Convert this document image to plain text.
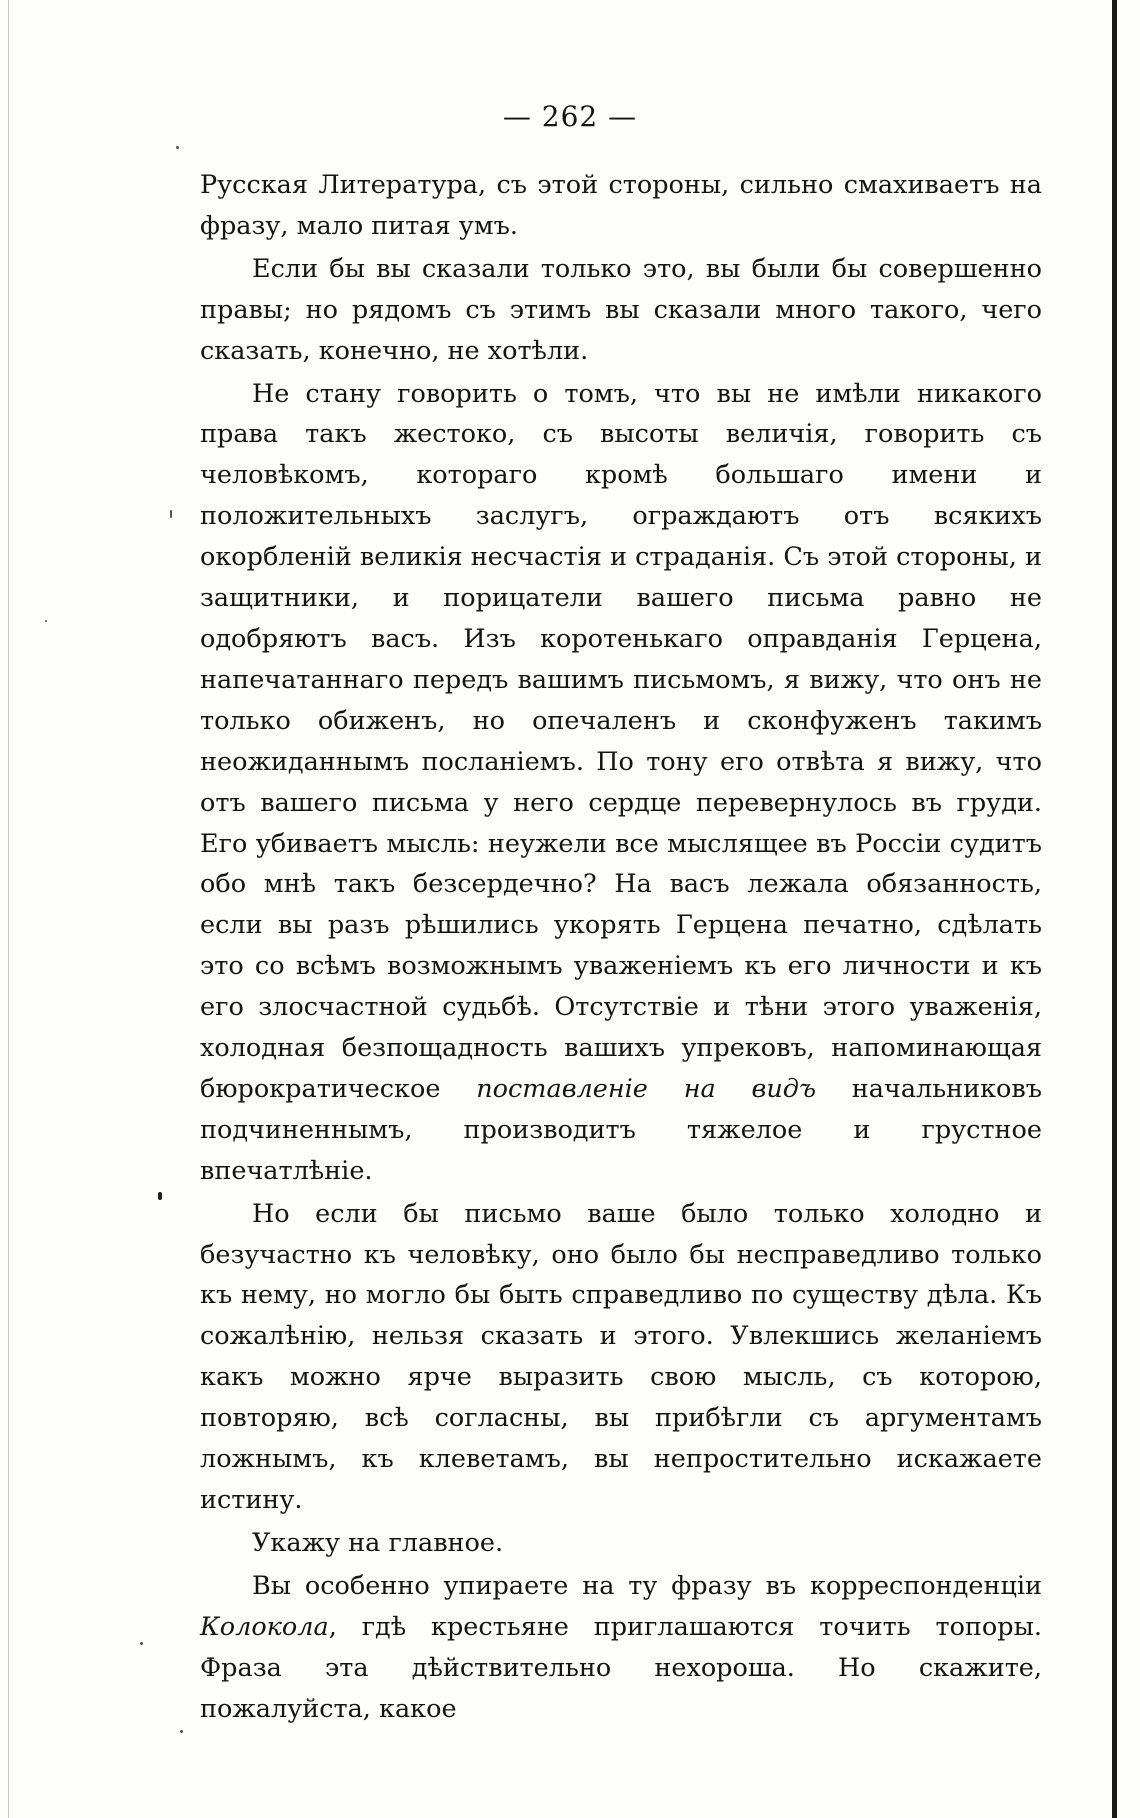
— 262 —

Русская Литература, съ этой стороны, сильно смахиваетъ на фразу, мало питая умъ.

Если бы вы сказали только это, вы были бы совершенно правы; но рядомъ съ этимъ вы сказали много такого, чего сказать, конечно, не хотѣли.

Не стану говорить о томъ, что вы не имѣли никакого права такъ жестоко, съ высоты величія, говорить съ человѣкомъ, котораго кромѣ большаго имени и положительныхъ заслугъ, ограждаютъ отъ всякихъ окорбленій великія несчастія и страданія. Съ этой стороны, и защитники, и порицатели вашего письма равно не одобряютъ васъ. Изъ коротенькаго оправданія Герцена, напечатаннаго передъ вашимъ письмомъ, я вижу, что онъ не только обиженъ, но опечаленъ и сконфуженъ такимъ неожиданнымъ посланіемъ. По тону его отвѣта я вижу, что отъ вашего письма у него сердце перевернулось въ груди. Его убиваетъ мысль: неужели все мыслящее въ Россіи судитъ обо мнѣ такъ безсердечно? На васъ лежала обязанность, если вы разъ рѣшились укорять Герцена печатно, сдѣлать это со всѣмъ возможнымъ уваженіемъ къ его личности и къ его злосчастной судьбѣ. Отсутствіе и тѣни этого уваженія, холодная безпощадность вашихъ упрековъ, напоминающая бюрократическое поставленіе на видъ начальниковъ подчиненнымъ, производитъ тяжелое и грустное впечатлѣніе.

Но если бы письмо ваше было только холодно и безучастно къ человѣку, оно было бы несправедливо только къ нему, но могло бы быть справедливо по существу дѣла. Къ сожалѣнію, нельзя сказать и этого. Увлекшись желаніемъ какъ можно ярче выразить свою мысль, съ которою, повторяю, всѣ согласны, вы прибѣгли съ аргументамъ ложнымъ, къ клеветамъ, вы непростительно искажаете истину.

Укажу на главное.

Вы особенно упираете на ту фразу въ корреспонденціи Колокола, гдѣ крестьяне приглашаются точить топоры. Фраза эта дѣйствительно нехороша. Но скажите, пожалуйста, какое
